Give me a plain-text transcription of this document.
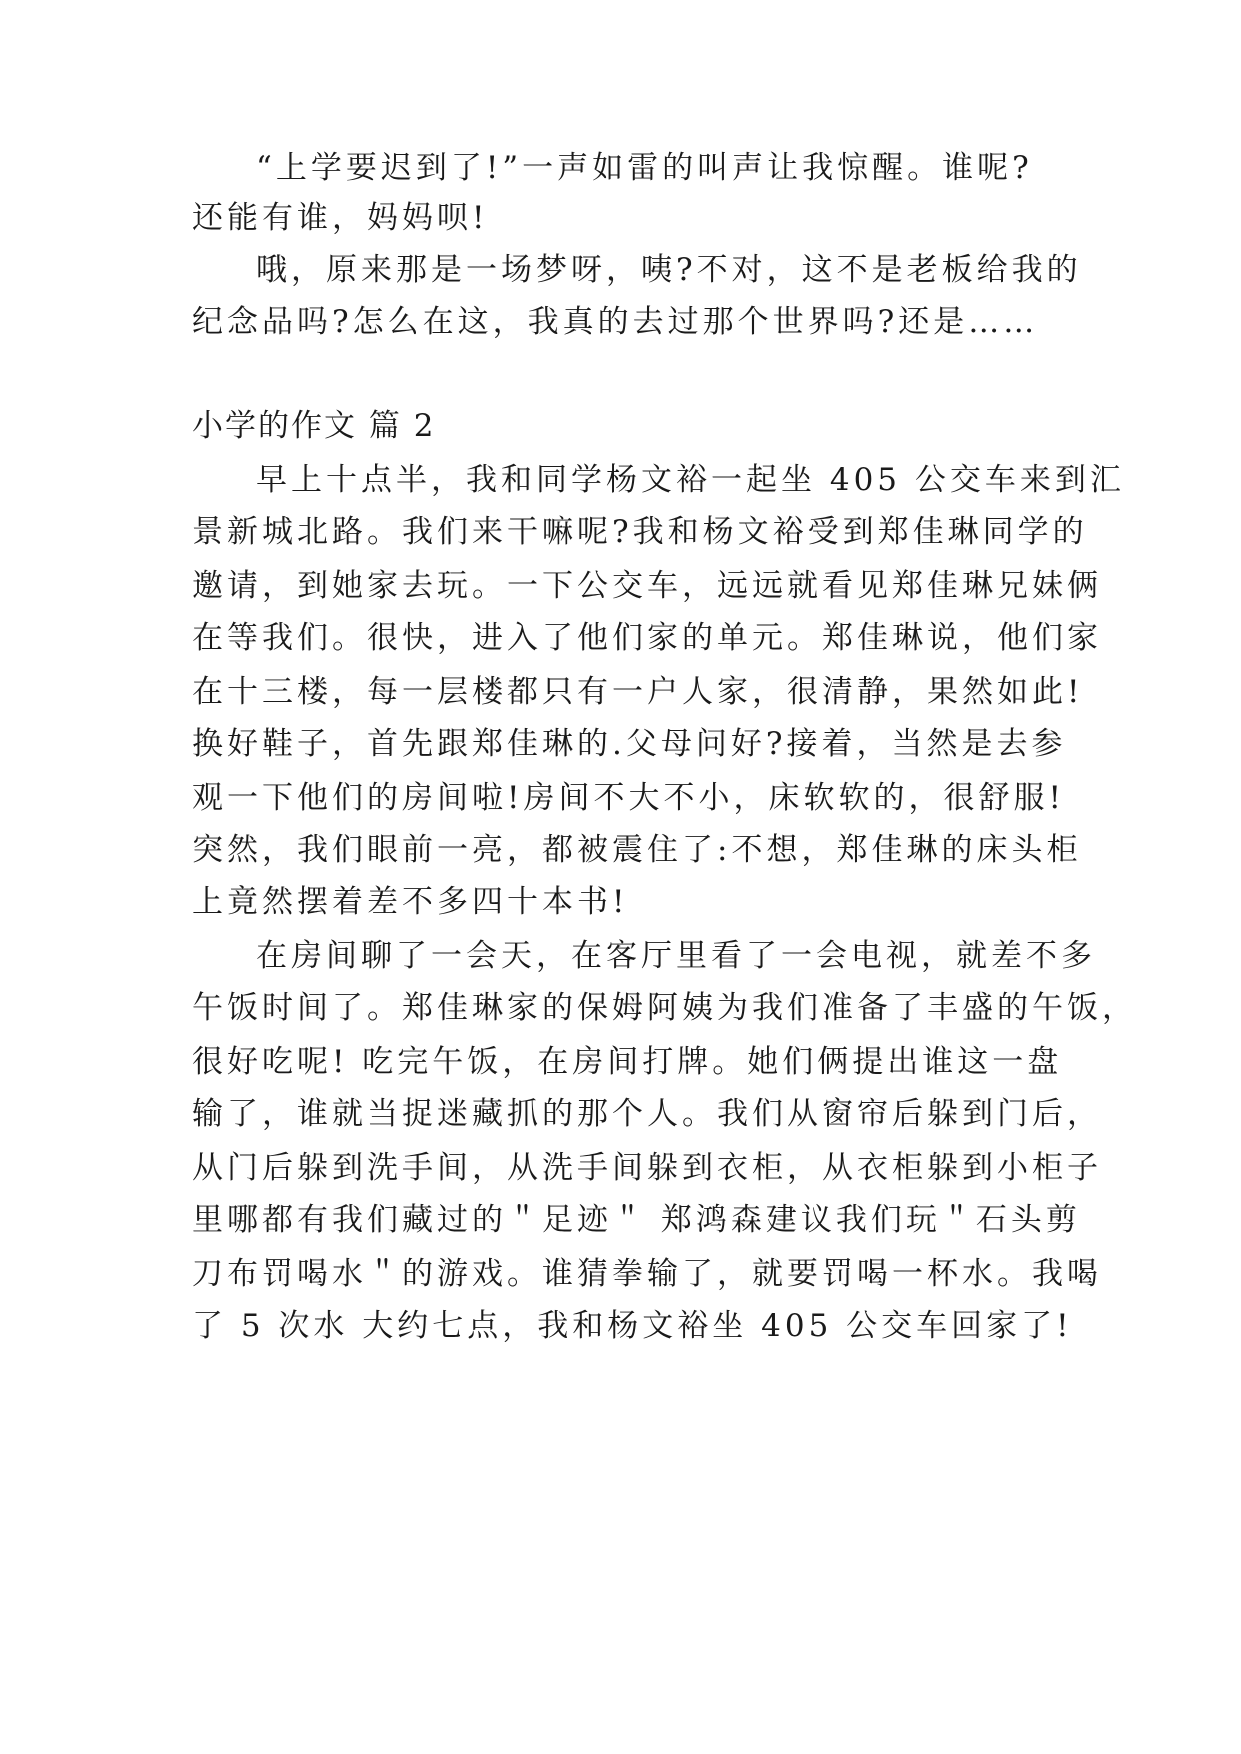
“上学要迟到了!”一声如雷的叫声让我惊醒。谁呢?
还能有谁，妈妈呗!
哦，原来那是一场梦呀，咦?不对，这不是老板给我的
纪念品吗?怎么在这，我真的去过那个世界吗?还是……
小学的作文 篇 2
早上十点半，我和同学杨文裕一起坐 405 公交车来到汇
景新城北路。我们来干嘛呢?我和杨文裕受到郑佳琳同学的
邀请，到她家去玩。一下公交车，远远就看见郑佳琳兄妹俩
在等我们。很快，进入了他们家的单元。郑佳琳说，他们家
在十三楼，每一层楼都只有一户人家，很清静，果然如此!
换好鞋子，首先跟郑佳琳的.父母问好?接着，当然是去参
观一下他们的房间啦!房间不大不小，床软软的，很舒服!
突然，我们眼前一亮，都被震住了:不想，郑佳琳的床头柜
上竟然摆着差不多四十本书!
在房间聊了一会天，在客厅里看了一会电视，就差不多
午饭时间了。郑佳琳家的保姆阿姨为我们准备了丰盛的午饭，
很好吃呢! 吃完午饭，在房间打牌。她们俩提出谁这一盘
输了，谁就当捉迷藏抓的那个人。我们从窗帘后躲到门后，
从门后躲到洗手间，从洗手间躲到衣柜，从衣柜躲到小柜子
里哪都有我们藏过的＂足迹＂ 郑鸿森建议我们玩＂石头剪
刀布罚喝水＂的游戏。谁猜拳输了，就要罚喝一杯水。我喝
了 5 次水 大约七点，我和杨文裕坐 405 公交车回家了!
